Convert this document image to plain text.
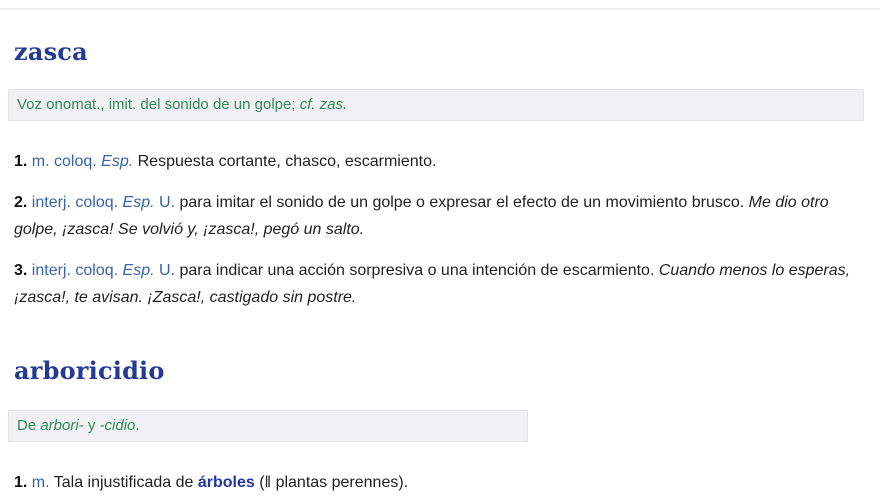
zasca

Voz onomat., imit. del sonido de un golpe; cf. zas.

1. m. coloq. Esp. Respuesta cortante, chasco, escarmiento.

2. interj. coloq. Esp. U. para imitar el sonido de un golpe o expresar el efecto de un movimiento brusco. Me dio otro golpe, ¡zasca! Se volvió y, ¡zasca!, pegó un salto.

3. interj. coloq. Esp. U. para indicar una acción sorpresiva o una intención de escarmiento. Cuando menos lo esperas, ¡zasca!, te avisan. ¡Zasca!, castigado sin postre.

arboricidio

De arbori- y -cidio.

1. m. Tala injustificada de árboles (‖ plantas perennes).
